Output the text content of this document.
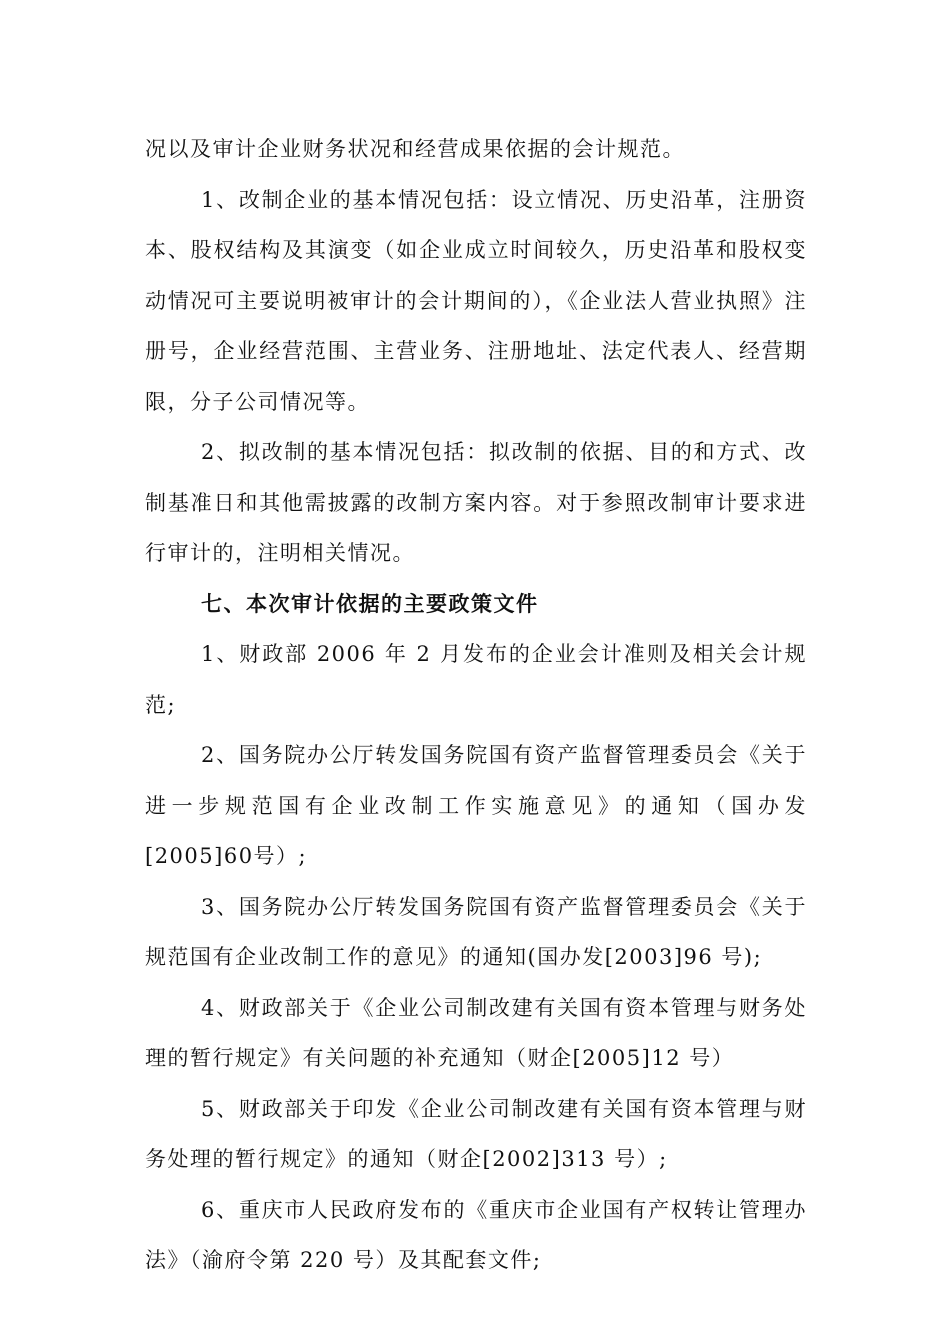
况以及审计企业财务状况和经营成果依据的会计规范。

1、改制企业的基本情况包括：设立情况、历史沿革，注册资本、股权结构及其演变（如企业成立时间较久，历史沿革和股权变动情况可主要说明被审计的会计期间的），《企业法人营业执照》注册号，企业经营范围、主营业务、注册地址、法定代表人、经营期限，分子公司情况等。

2、拟改制的基本情况包括：拟改制的依据、目的和方式、改制基准日和其他需披露的改制方案内容。对于参照改制审计要求进行审计的，注明相关情况。

七、本次审计依据的主要政策文件

1、财政部 2006 年 2 月发布的企业会计准则及相关会计规范;

2、国务院办公厅转发国务院国有资产监督管理委员会《关于进一步规范国有企业改制工作实施意见》的通知（国办发[2005]60号）;

3、国务院办公厅转发国务院国有资产监督管理委员会《关于规范国有企业改制工作的意见》的通知(国办发[2003]96 号);

4、财政部关于《企业公司制改建有关国有资本管理与财务处理的暂行规定》有关问题的补充通知（财企[2005]12 号）

5、财政部关于印发《企业公司制改建有关国有资本管理与财务处理的暂行规定》的通知（财企[2002]313 号）;

6、重庆市人民政府发布的《重庆市企业国有产权转让管理办法》（渝府令第 220 号）及其配套文件;
